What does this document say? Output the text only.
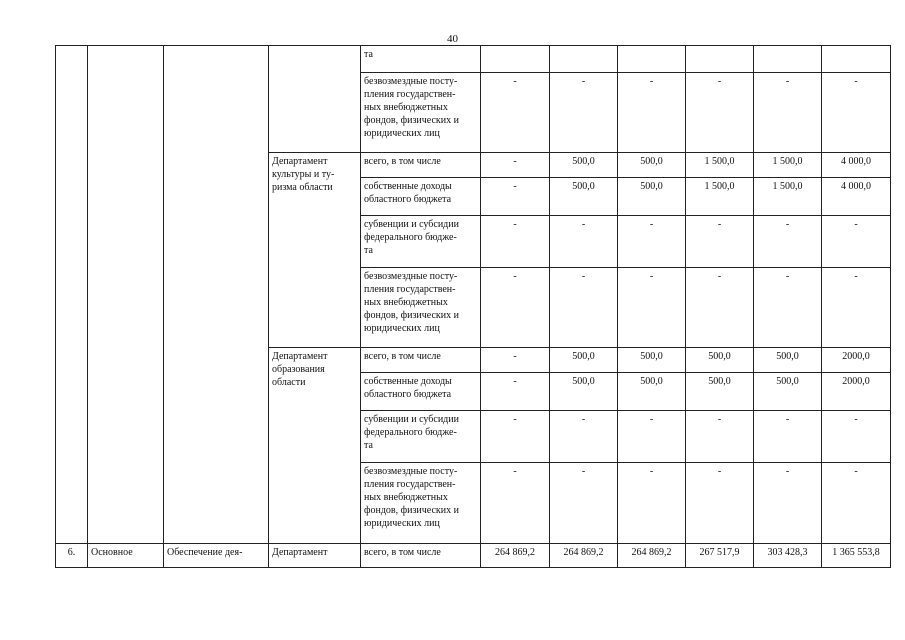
40
				та						
				безвозмездные посту-
пления государствен-
ных внебюджетных
фондов, физических и
юридических лиц	-	-	-	-	-	-
			Департамент
культуры и ту-
ризма области	всего, в том числе	-	500,0	500,0	1 500,0	1 500,0	4 000,0
				собственные доходы
областного бюджета	-	500,0	500,0	1 500,0	1 500,0	4 000,0
				субвенции и субсидии
федерального бюдже-
та	-	-	-	-	-	-
				безвозмездные посту-
пления государствен-
ных внебюджетных
фондов, физических и
юридических лиц	-	-	-	-	-	-
			Департамент
образования
области	всего, в том числе	-	500,0	500,0	500,0	500,0	2000,0
				собственные доходы
областного бюджета	-	500,0	500,0	500,0	500,0	2000,0
				субвенции и субсидии
федерального бюдже-
та	-	-	-	-	-	-
				безвозмездные посту-
пления государствен-
ных внебюджетных
фондов, физических и
юридических лиц	-	-	-	-	-	-
6.	Основное	Обеспечение дея-	Департамент	всего, в том числе	264 869,2	264 869,2	264 869,2	267 517,9	303 428,3	1 365 553,8
